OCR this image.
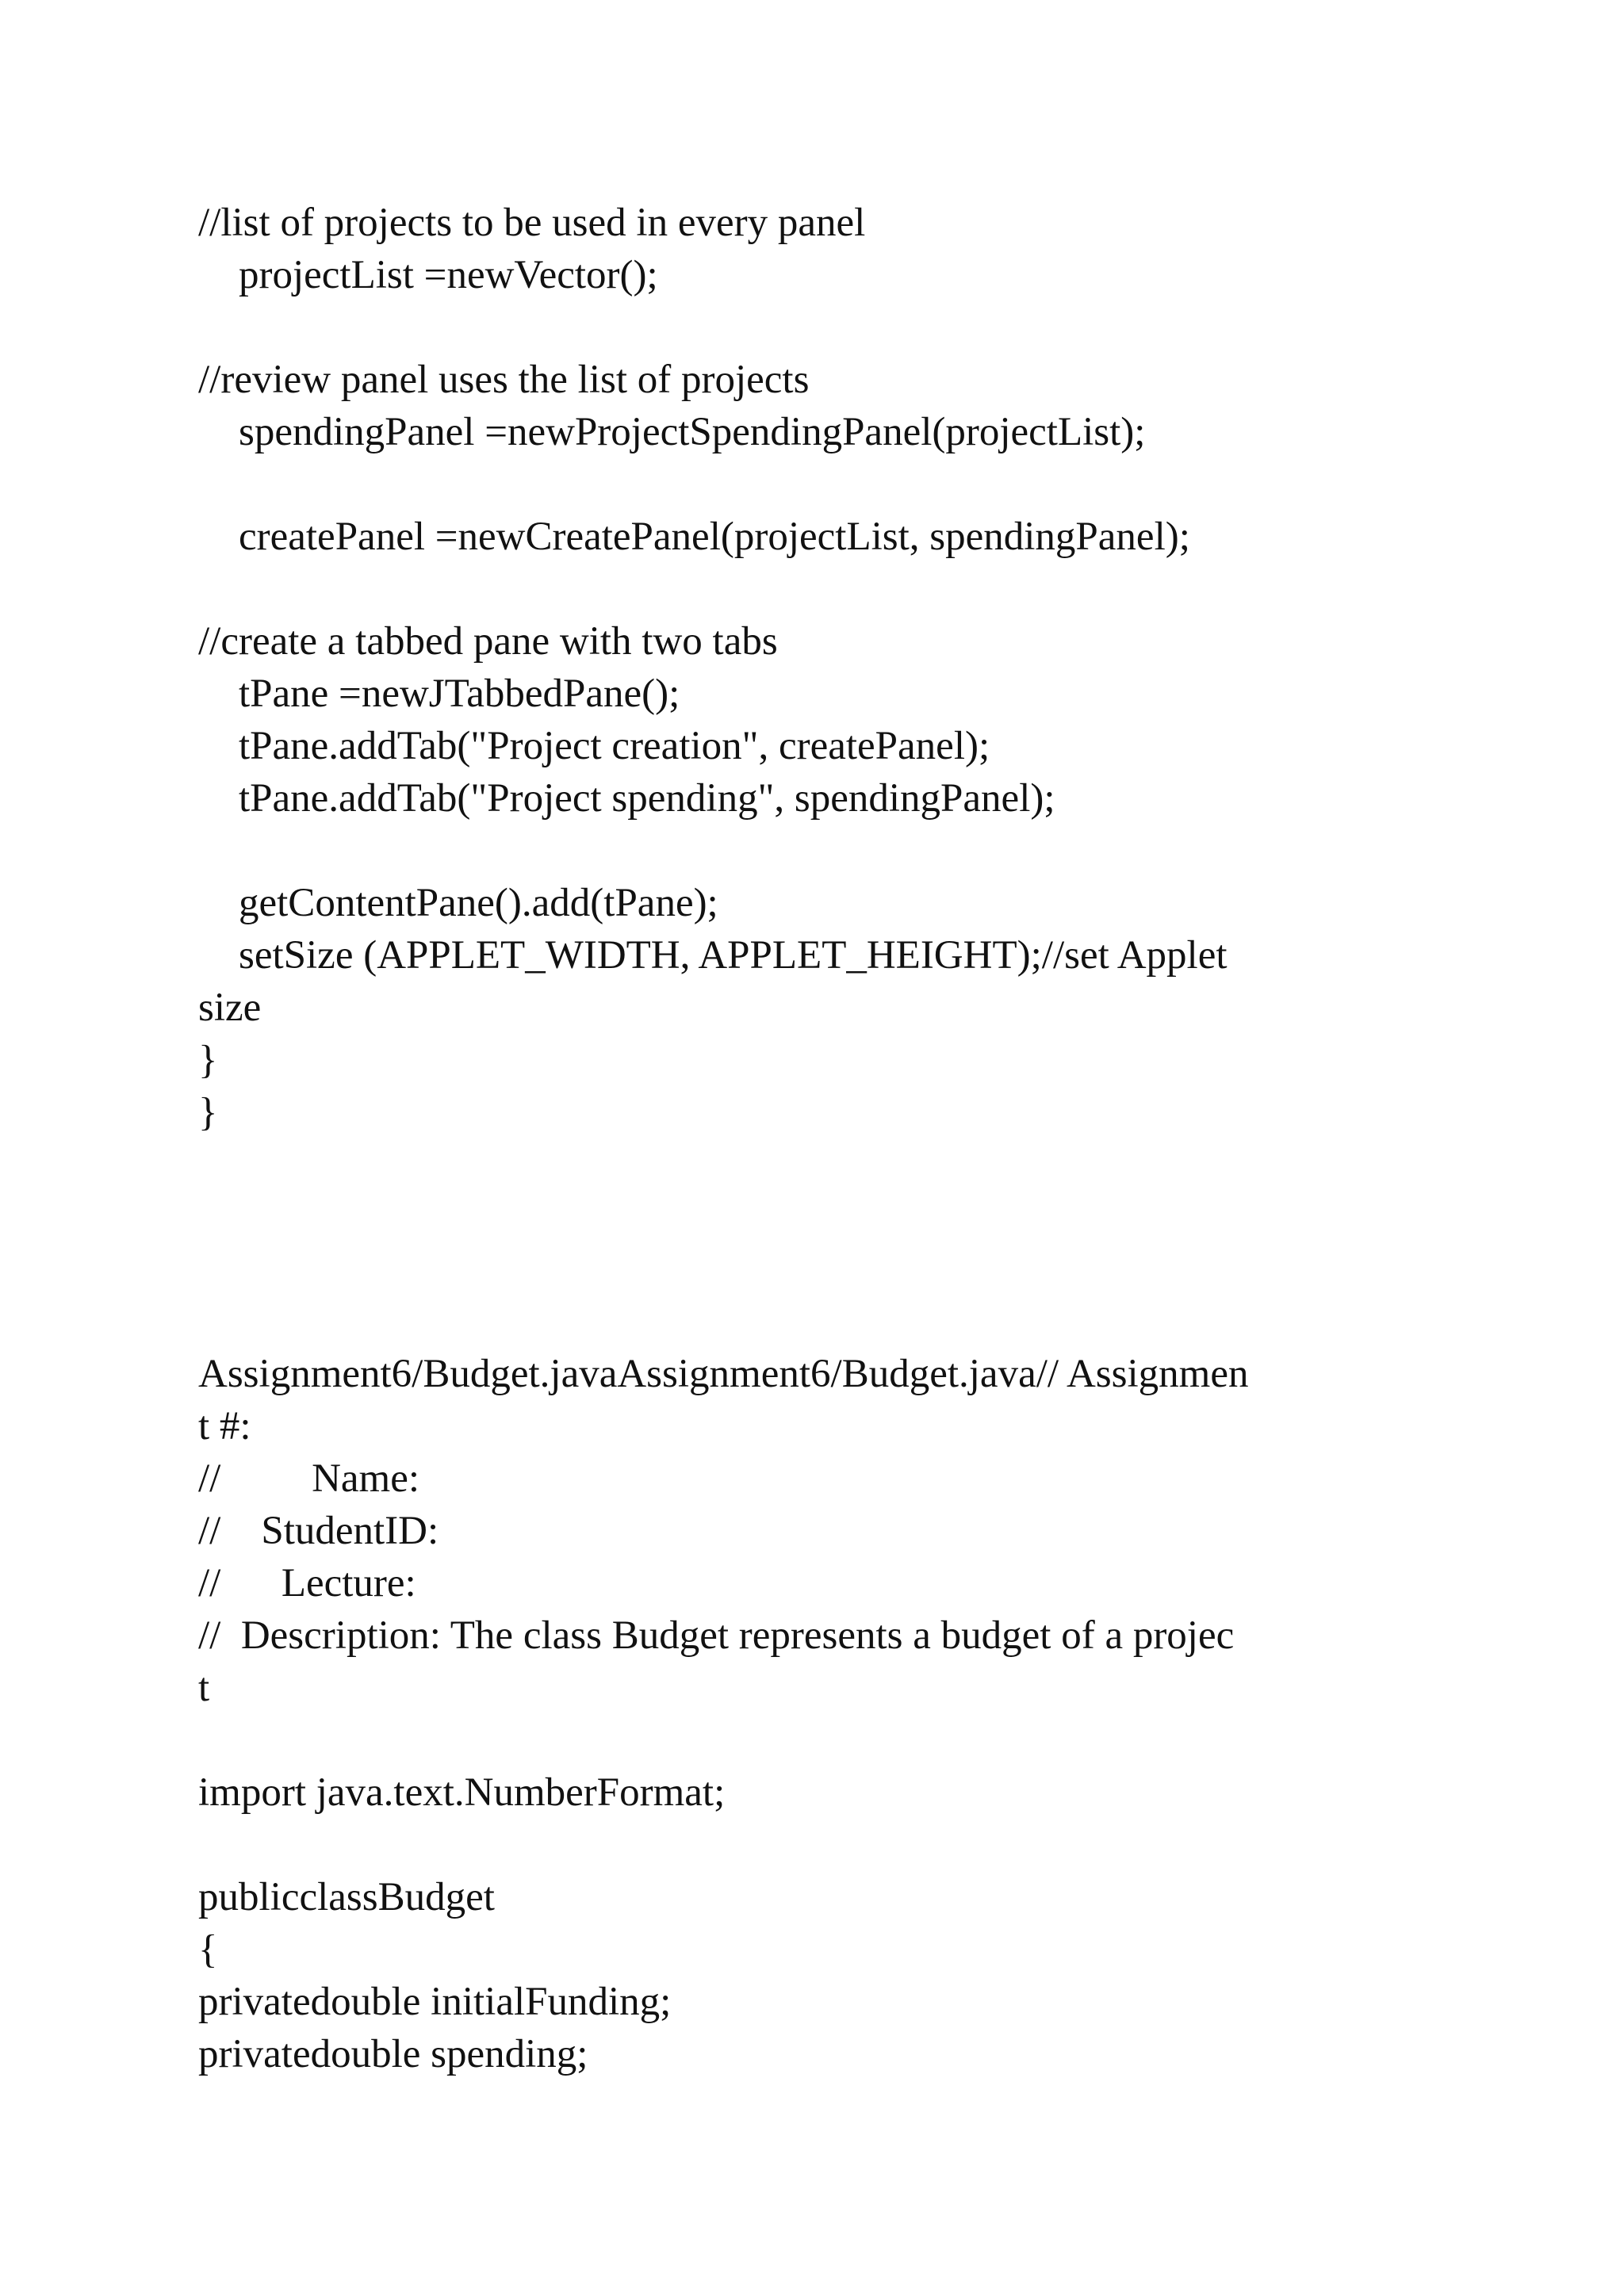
//list of projects to be used in every panel
projectList =newVector();
//review panel uses the list of projects
spendingPanel =newProjectSpendingPanel(projectList);
createPanel =newCreatePanel(projectList, spendingPanel);
//create a tabbed pane with two tabs
tPane =newJTabbedPane();
tPane.addTab("Project creation", createPanel);
tPane.addTab("Project spending", spendingPanel);
getContentPane().add(tPane);
setSize (APPLET_WIDTH, APPLET_HEIGHT);//set Applet
size
}
}
Assignment6/Budget.javaAssignment6/Budget.java// Assignmen
t #:
//         Name:
//    StudentID:
//      Lecture:
//  Description: The class Budget represents a budget of a projec
t
import java.text.NumberFormat;
publicclassBudget
{
privatedouble initialFunding;
privatedouble spending;
